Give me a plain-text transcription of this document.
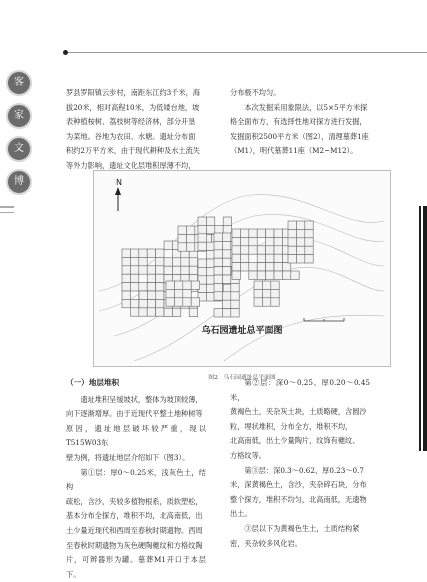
客
家
文
博

罗县罗阳镇云步村，南距东江约3千米，海

拔20米，相对高程10米，为低矮台地，坡

表种植桉树、荔枝树等经济林，部分开垦

为菜地。谷地为农田、水塘。遗址分布面

积约2万平方米，由于现代耕种及水土流失

等外力影响，遗址文化层堆积厚薄不均，

分布极不均匀。

本次发掘采用象限法，以5×5平方米探

格全面布方，有选择性地对探方进行发掘，

发掘面积2500平方米（图2），清理墓葬1座

（M1），明代墓葬11座（M2~M12）。

N
乌石园遗址总平面图
图2　乌石园遗址总平面图
（一）地层堆积

遗址堆积呈缓坡状，整体为坡顶较薄，

向下逐渐增厚。由于近现代平整土地种树等

原因，遗址地层破坏较严重，现以T515W03东

壁为例，将遗址地层介绍如下（图3）。

第①层：厚0～0.25米，浅灰色土，结构

疏松，含沙，夹较多植物根系，质软塑松，

基本分布全探方，堆积不均，北高南低，出

土少量近现代和西周至春秋时期遗物。西周

至春秋时期遗物为灰色硬陶夔纹和方格纹陶

片，可辨器形为罐。墓葬M1开口于本层下。

第②层：深0～0.25、厚0.20～0.45米，

黄褐色土，夹杂灰土块，土质略硬，含圆沙

粒，埋状堆积，分布全方，堆积不均，

北高南低，出土少量陶片，纹饰有夔纹、

方格纹等。

第③层：深0.3～0.62、厚0.23～0.7

米，深黄褐色土，含沙，夹杂碎石块，分布

整个探方，堆积不均匀，北高南低，无遗物

出土。

③层以下为黄褐色生土，土质结构紧

密，夹杂较多风化岩。
